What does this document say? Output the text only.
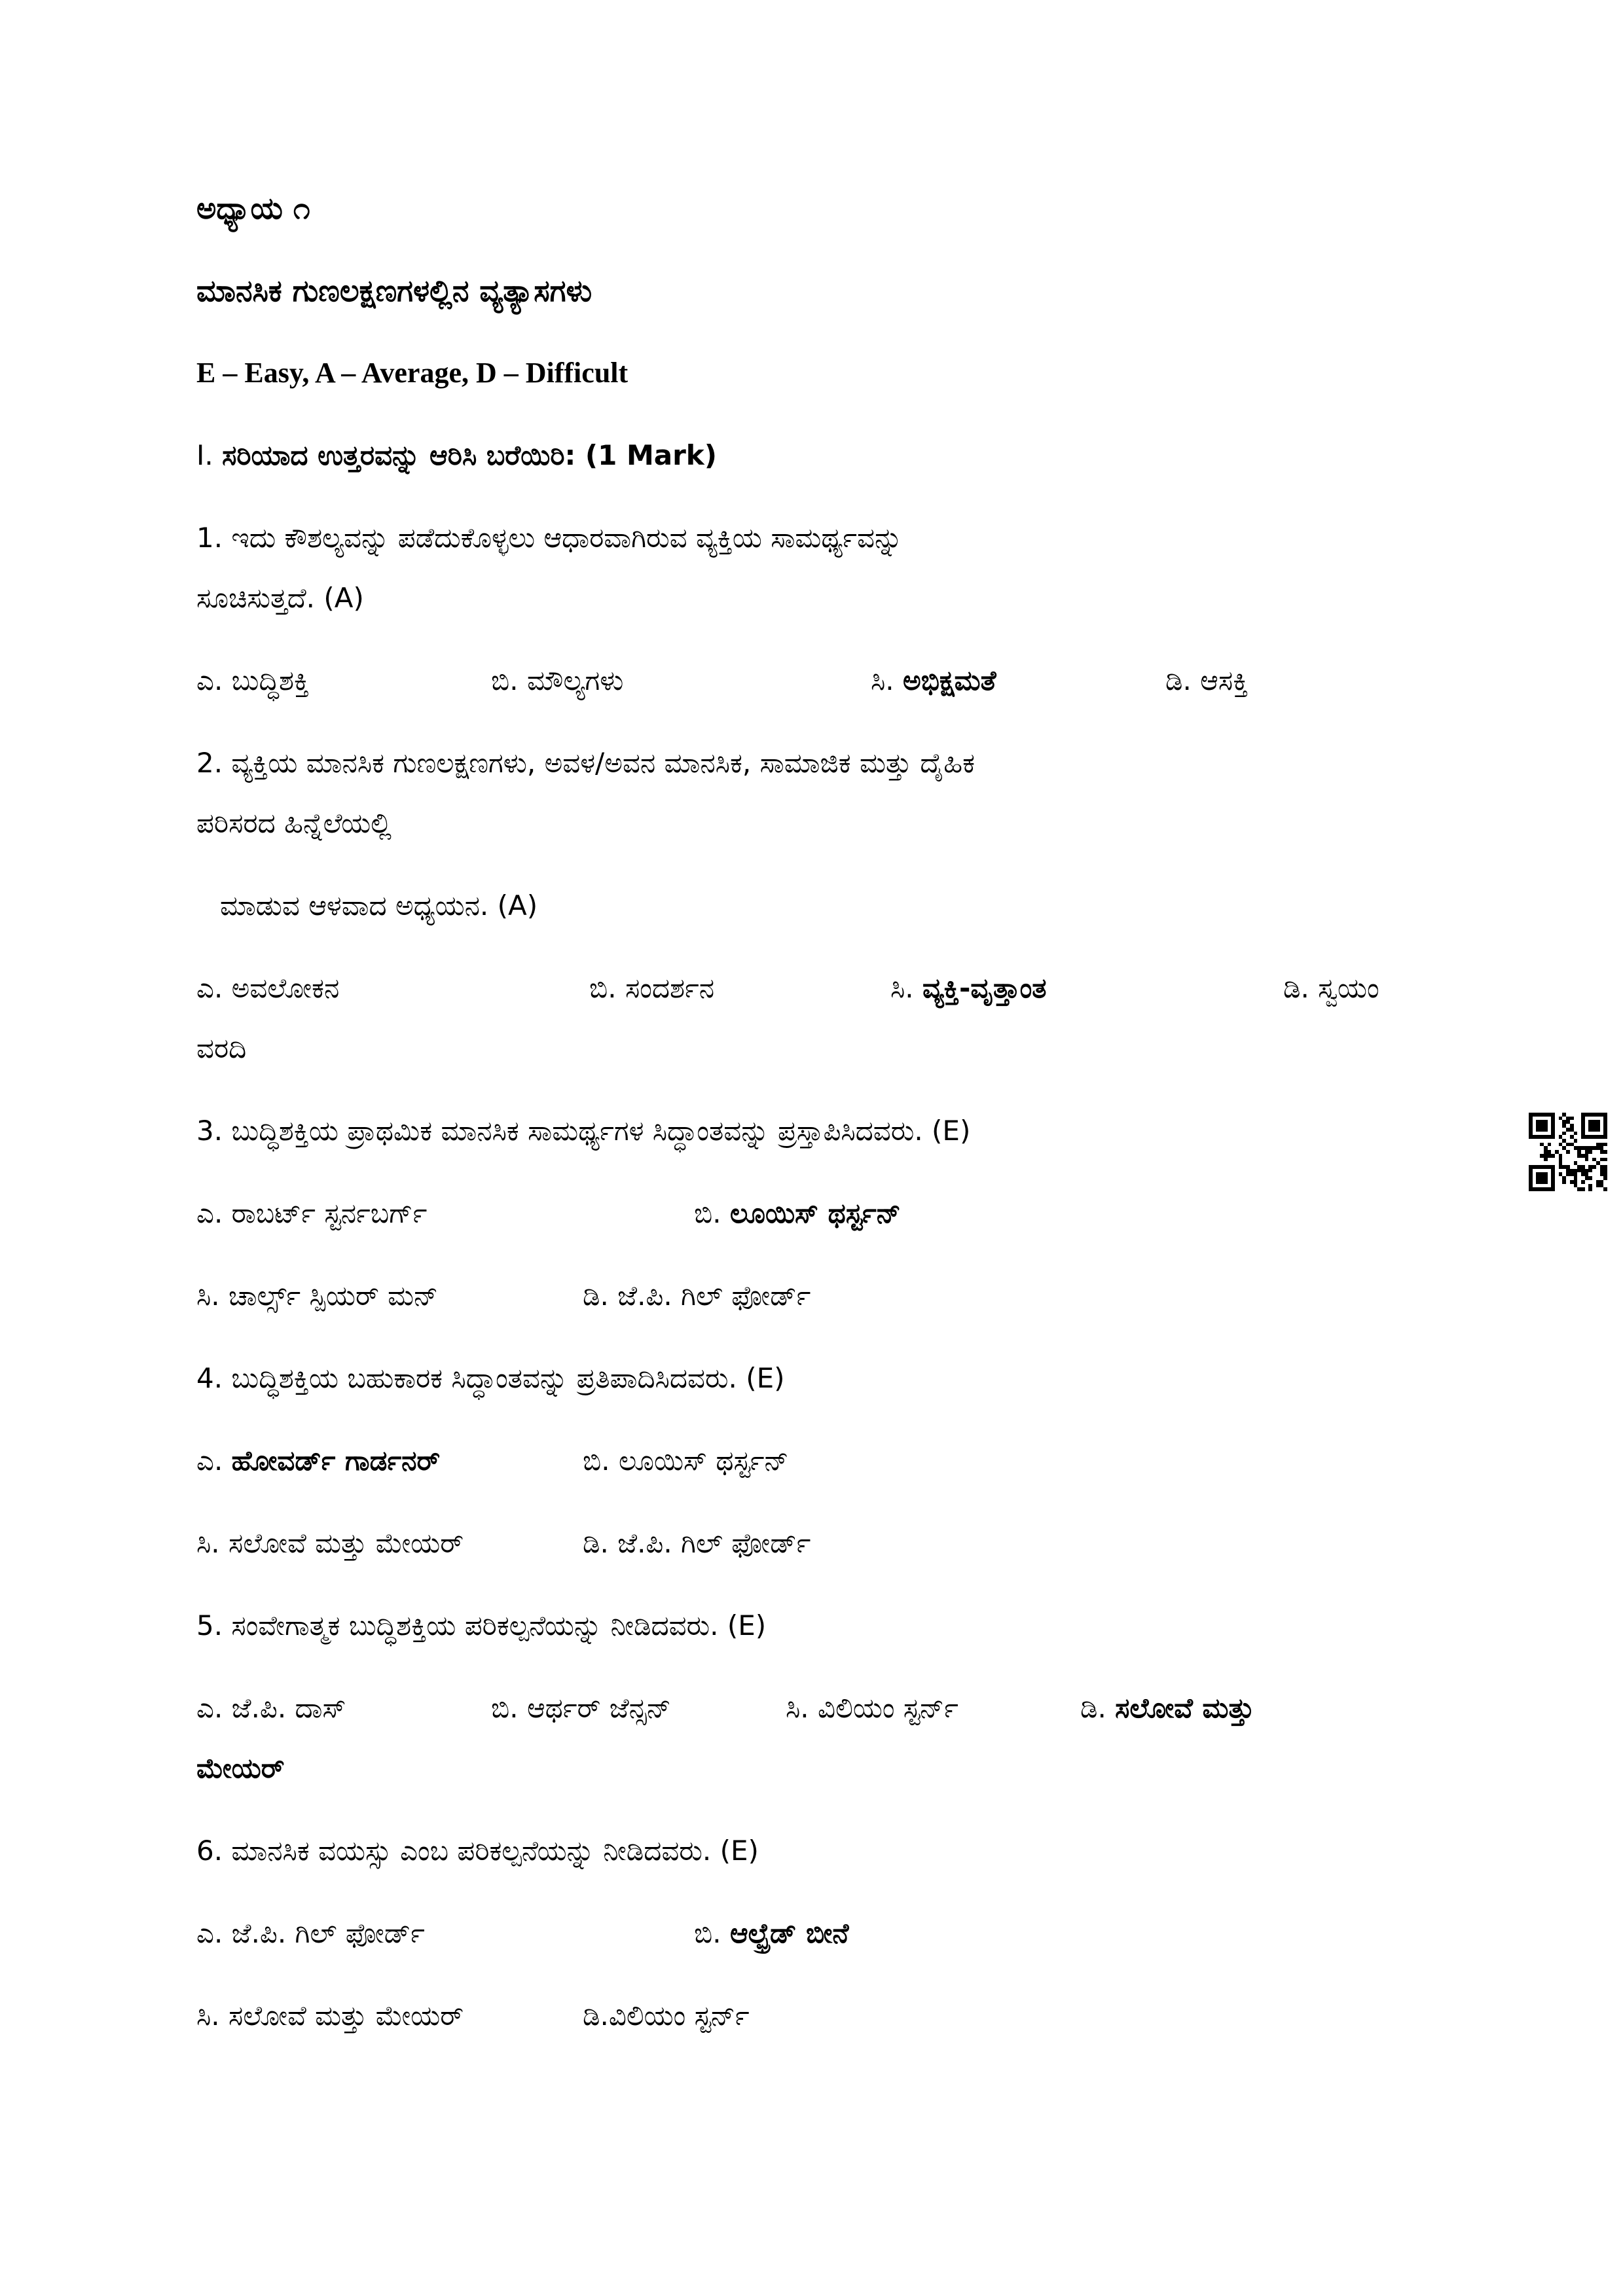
ಅಧ್ಯಾಯ ೧
ಮಾನಸಿಕ ಗುಣಲಕ್ಷಣಗಳಲ್ಲಿನ ವ್ಯತ್ಯಾಸಗಳು
E – Easy, A – Average, D – Difficult
I. ಸರಿಯಾದ ಉತ್ತರವನ್ನು ಆರಿಸಿ ಬರೆಯಿರಿ: (1 Mark)
1. ಇದು ಕೌಶಲ್ಯವನ್ನು ಪಡೆದುಕೊಳ್ಳಲು ಆಧಾರವಾಗಿರುವ ವ್ಯಕ್ತಿಯ ಸಾಮರ್ಥ್ಯವನ್ನು
ಸೂಚಿಸುತ್ತದೆ. (A)
ಎ. ಬುದ್ಧಿಶಕ್ತಿ	ಬಿ. ಮೌಲ್ಯಗಳು	ಸಿ. ಅಭಿಕ್ಷಮತೆ	ಡಿ. ಆಸಕ್ತಿ
2. ವ್ಯಕ್ತಿಯ ಮಾನಸಿಕ ಗುಣಲಕ್ಷಣಗಳು, ಅವಳ/ಅವನ ಮಾನಸಿಕ, ಸಾಮಾಜಿಕ ಮತ್ತು ದೈಹಿಕ
ಪರಿಸರದ ಹಿನ್ನೆಲೆಯಲ್ಲಿ
ಮಾಡುವ ಆಳವಾದ ಅಧ್ಯಯನ. (A)
ಎ. ಅವಲೋಕನ	ಬಿ. ಸಂದರ್ಶನ	ಸಿ. ವ್ಯಕ್ತಿ-ವೃತ್ತಾಂತ	ಡಿ. ಸ್ವಯಂ
ವರದಿ
3. ಬುದ್ಧಿಶಕ್ತಿಯ ಪ್ರಾಥಮಿಕ ಮಾನಸಿಕ ಸಾಮರ್ಥ್ಯಗಳ ಸಿದ್ಧಾಂತವನ್ನು ಪ್ರಸ್ತಾಪಿಸಿದವರು. (E)
ಎ. ರಾಬರ್ಟ್ ಸ್ಟರ್ನಬರ್ಗ್	ಬಿ. ಲೂಯಿಸ್ ಥರ್ಸ್ಟನ್
ಸಿ. ಚಾರ್ಲ್ಸ್ ಸ್ಪಿಯರ್ ಮನ್	ಡಿ. ಜೆ.ಪಿ. ಗಿಲ್ ಫೋರ್ಡ್
4. ಬುದ್ಧಿಶಕ್ತಿಯ ಬಹುಕಾರಕ ಸಿದ್ಧಾಂತವನ್ನು ಪ್ರತಿಪಾದಿಸಿದವರು. (E)
ಎ. ಹೋವರ್ಡ್ ಗಾರ್ಡನರ್	ಬಿ. ಲೂಯಿಸ್ ಥರ್ಸ್ಟನ್
ಸಿ. ಸಲೋವೆ ಮತ್ತು ಮೇಯರ್	ಡಿ. ಜೆ.ಪಿ. ಗಿಲ್ ಫೋರ್ಡ್
5. ಸಂವೇಗಾತ್ಮಕ ಬುದ್ಧಿಶಕ್ತಿಯ ಪರಿಕಲ್ಪನೆಯನ್ನು ನೀಡಿದವರು. (E)
ಎ. ಜೆ.ಪಿ. ದಾಸ್	ಬಿ. ಆರ್ಥರ್ ಜೆನ್ಸನ್	ಸಿ. ವಿಲಿಯಂ ಸ್ಟರ್ನ್	ಡಿ. ಸಲೋವೆ ಮತ್ತು
ಮೇಯರ್
6. ಮಾನಸಿಕ ವಯಸ್ಸು ಎಂಬ ಪರಿಕಲ್ಪನೆಯನ್ನು ನೀಡಿದವರು. (E)
ಎ. ಜೆ.ಪಿ. ಗಿಲ್ ಫೋರ್ಡ್	ಬಿ. ಆಲ್ಫ್ರೆಡ್ ಬೀನೆ
ಸಿ. ಸಲೋವೆ ಮತ್ತು ಮೇಯರ್	ಡಿ.ವಿಲಿಯಂ ಸ್ಟರ್ನ್
